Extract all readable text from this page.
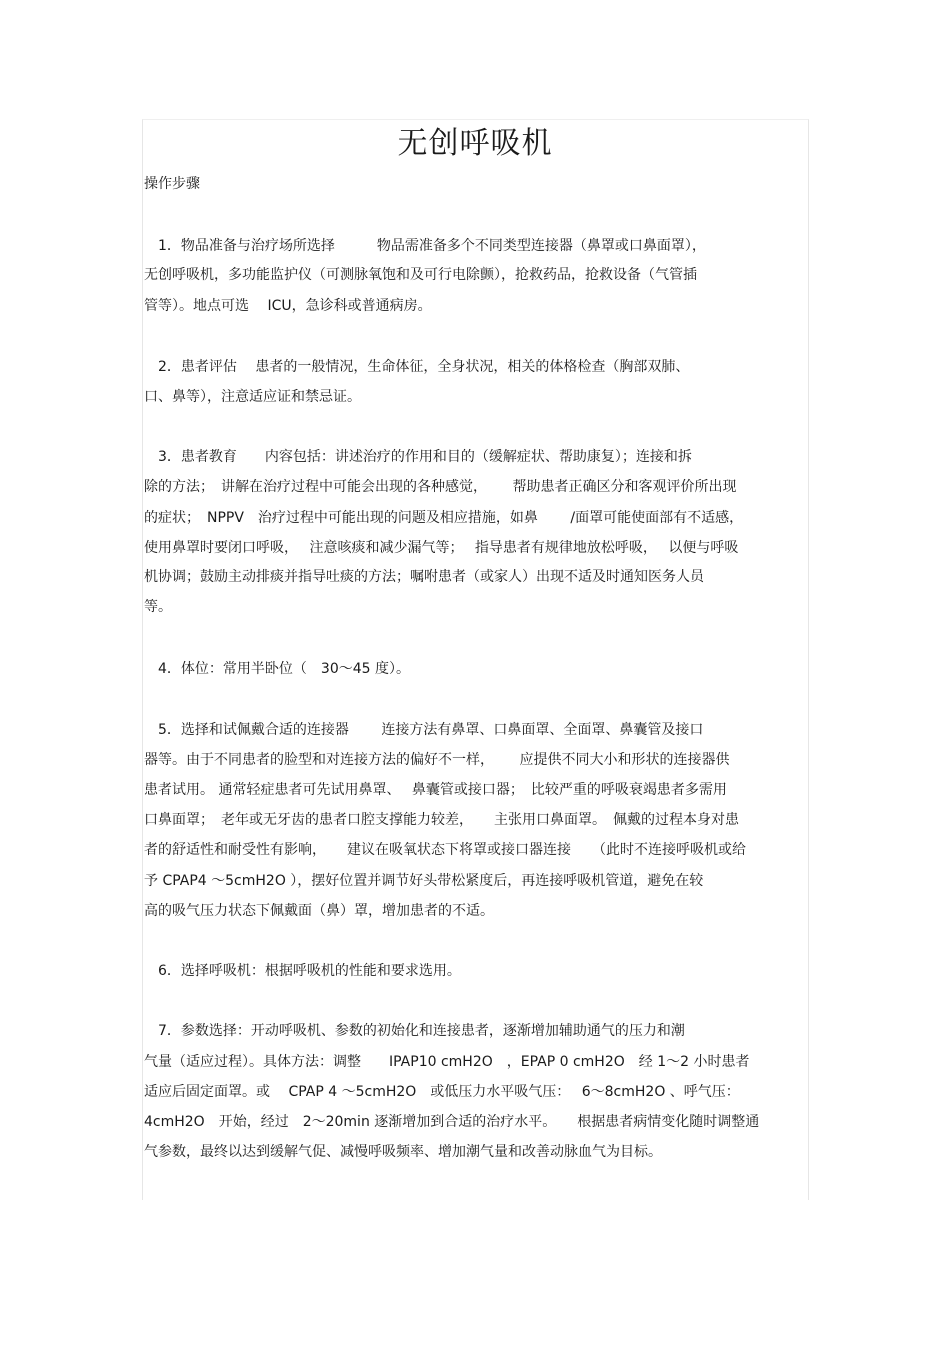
无创呼吸机
操作步骤
　1．物品准备与治疗场所选择　　　物品需准备多个不同类型连接器（鼻罩或口鼻面罩），
无创呼吸机，多功能监护仪（可测脉氧饱和及可行电除颤），抢救药品，抢救设备（气管插
管等）。地点可选　 ICU，急诊科或普通病房。
　2．患者评估　 患者的一般情况，生命体征，全身状况，相关的体格检查（胸部双肺、
口、鼻等），注意适应证和禁忌证。
　3．患者教育　　内容包括：讲述治疗的作用和目的（缓解症状、帮助康复）；连接和拆
除的方法；　讲解在治疗过程中可能会出现的各种感觉，　　 帮助患者正确区分和客观评价所出现
的症状；　NPPV　治疗过程中可能出现的问题及相应措施，如鼻　　 /面罩可能使面部有不适感，
使用鼻罩时要闭口呼吸，　 注意咳痰和减少漏气等；　 指导患者有规律地放松呼吸，　 以便与呼吸
机协调；鼓励主动排痰并指导吐痰的方法；嘱咐患者（或家人）出现不适及时通知医务人员
等。
　4．体位：常用半卧位（　30～45 度）。
　5．选择和试佩戴合适的连接器　　 连接方法有鼻罩、口鼻面罩、全面罩、鼻囊管及接口
器等。由于不同患者的脸型和对连接方法的偏好不一样，　　 应提供不同大小和形状的连接器供
患者试用。 通常轻症患者可先试用鼻罩、　 鼻囊管或接口器；　比较严重的呼吸衰竭患者多需用
口鼻面罩；　老年或无牙齿的患者口腔支撑能力较差，　　主张用口鼻面罩。　佩戴的过程本身对患
者的舒适性和耐受性有影响，　　建议在吸氧状态下将罩或接口器连接　　（此时不连接呼吸机或给
予 CPAP4 ～5cmH2O ），摆好位置并调节好头带松紧度后，再连接呼吸机管道，避免在较
高的吸气压力状态下佩戴面（鼻）罩，增加患者的不适。
　6．选择呼吸机：根据呼吸机的性能和要求选用。
　7．参数选择：开动呼吸机、参数的初始化和连接患者，逐渐增加辅助通气的压力和潮
气量（适应过程）。具体方法：调整　　IPAP10 cmH2O　，EPAP 0 cmH2O　经 1～2 小时患者
适应后固定面罩。或　 CPAP 4 ～5cmH2O　或低压力水平吸气压：　 6～8cmH2O 、呼气压：
4cmH2O　开始，经过　2～20min 逐渐增加到合适的治疗水平。　　根据患者病情变化随时调整通
气参数，最终以达到缓解气促、减慢呼吸频率、增加潮气量和改善动脉血气为目标。
